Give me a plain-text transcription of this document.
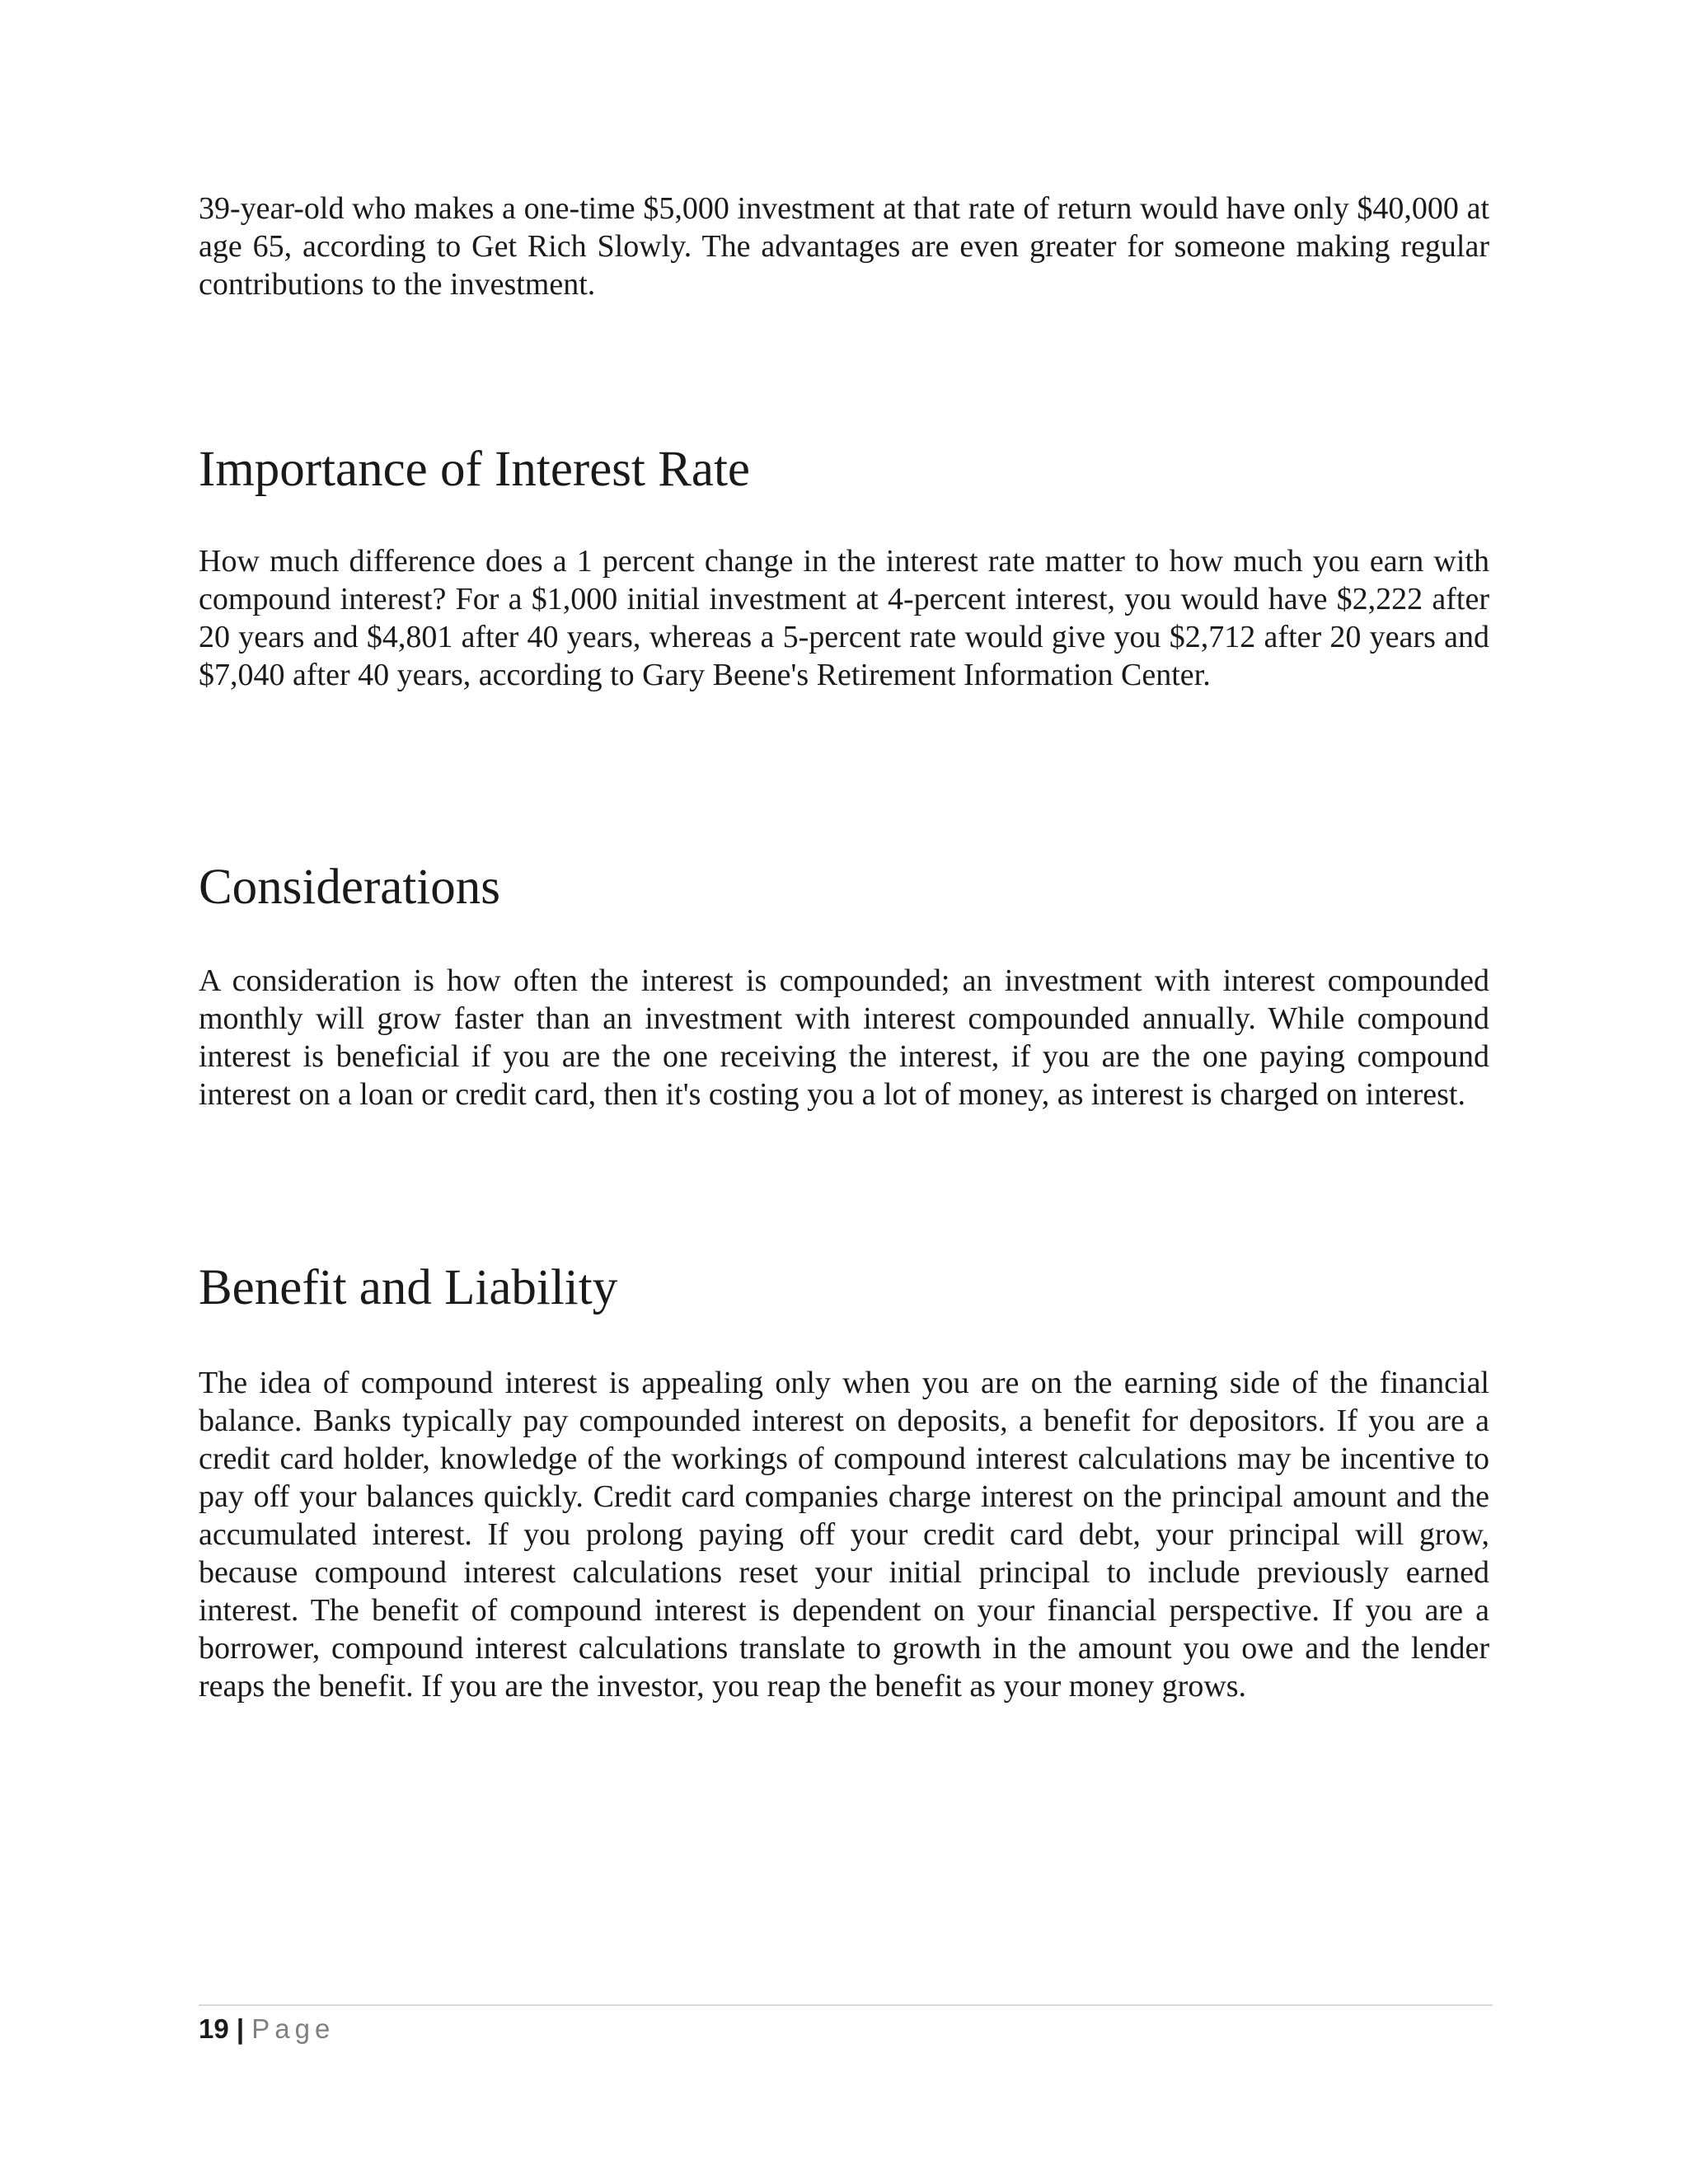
39-year-old who makes a one-time $5,000 investment at that rate of return would have only $40,000 at age 65, according to Get Rich Slowly. The advantages are even greater for someone making regular contributions to the investment.

Importance of Interest Rate

How much difference does a 1 percent change in the interest rate matter to how much you earn with compound interest? For a $1,000 initial investment at 4-percent interest, you would have $2,222 after 20 years and $4,801 after 40 years, whereas a 5-percent rate would give you $2,712 after 20 years and $7,040 after 40 years, according to Gary Beene's Retirement Information Center.

Considerations

A consideration is how often the interest is compounded; an investment with interest compounded monthly will grow faster than an investment with interest compounded annually. While compound interest is beneficial if you are the one receiving the interest, if you are the one paying compound interest on a loan or credit card, then it's costing you a lot of money, as interest is charged on interest.

Benefit and Liability

The idea of compound interest is appealing only when you are on the earning side of the financial balance. Banks typically pay compounded interest on deposits, a benefit for depositors. If you are a credit card holder, knowledge of the workings of compound interest calculations may be incentive to pay off your balances quickly. Credit card companies charge interest on the principal amount and the accumulated interest. If you prolong paying off your credit card debt, your principal will grow, because compound interest calculations reset your initial principal to include previously earned interest. The benefit of compound interest is dependent on your financial perspective. If you are a borrower, compound interest calculations translate to growth in the amount you owe and the lender reaps the benefit. If you are the investor, you reap the benefit as your money grows.

19 | Page
